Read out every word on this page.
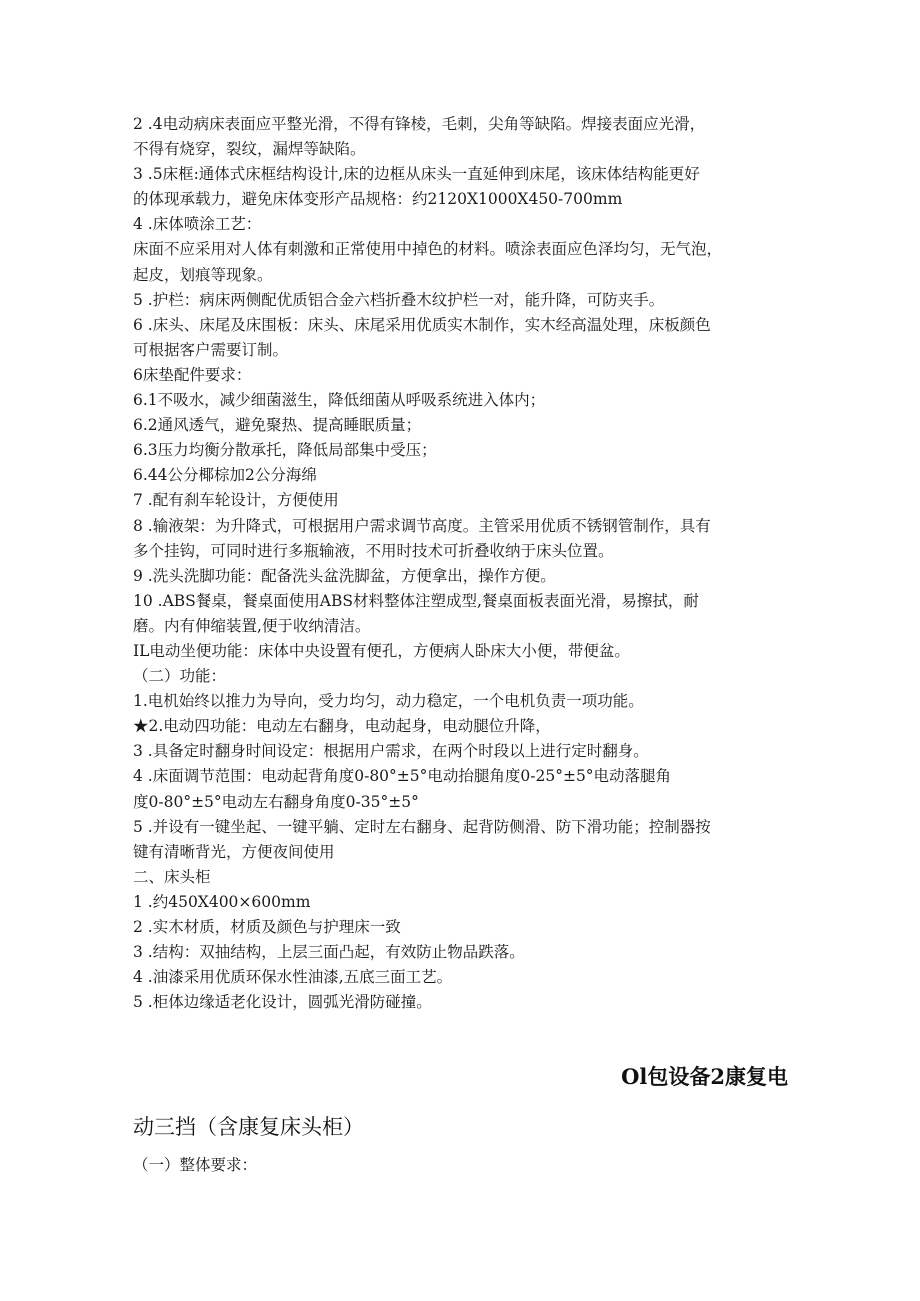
2 .4电动病床表面应平整光滑，不得有锋棱，毛刺，尖角等缺陷。焊接表面应光滑，
不得有烧穿，裂纹，漏焊等缺陷。
3 .5床框:通体式床框结构设计,床的边框从床头一直延伸到床尾，该床体结构能更好
的体现承载力，避免床体变形产品规格：约2120X1000X450-700mm
4 .床体喷涂工艺：
床面不应采用对人体有刺激和正常使用中掉色的材料。喷涂表面应色泽均匀，无气泡，
起皮，划痕等现象。
5 .护栏：病床两侧配优质铝合金六档折叠木纹护栏一对，能升降，可防夹手。
6 .床头、床尾及床围板：床头、床尾采用优质实木制作，实木经高温处理，床板颜色
可根据客户需要订制。
6床垫配件要求：
6.1不吸水，减少细菌滋生，降低细菌从呼吸系统进入体内；
6.2通风透气，避免聚热、提高睡眠质量；
6.3压力均衡分散承托，降低局部集中受压；
6.44公分椰棕加2公分海绵
7 .配有刹车轮设计，方便使用
8 .输液架：为升降式，可根据用户需求调节高度。主管采用优质不锈钢管制作，具有
多个挂钩，可同时进行多瓶输液，不用时技术可折叠收纳于床头位置。
9 .洗头洗脚功能：配备洗头盆洗脚盆，方便拿出，操作方便。
10 .ABS餐桌，餐桌面使用ABS材料整体注塑成型,餐桌面板表面光滑，易擦拭，耐
磨。内有伸缩装置,便于收纳清洁。
IL电动坐便功能：床体中央设置有便孔，方便病人卧床大小便，带便盆。
（二）功能：
1.电机始终以推力为导向，受力均匀，动力稳定，一个电机负责一项功能。
★2.电动四功能：电动左右翻身，电动起身，电动腿位升降，
3 .具备定时翻身时间设定：根据用户需求，在两个时段以上进行定时翻身。
4 .床面调节范围：电动起背角度0-80°±5°电动抬腿角度0-25°±5°电动落腿角
度0-80°±5°电动左右翻身角度0-35°±5°
5 .并设有一键坐起、一键平躺、定时左右翻身、起背防侧滑、防下滑功能；控制器按
键有清晰背光，方便夜间使用
二、床头柜
1 .约450X400×600mm
2 .实木材质，材质及颜色与护理床一致
3 .结构：双抽结构，上层三面凸起，有效防止物品跌落。
4 .油漆采用优质环保水性油漆,五底三面工艺。
5 .柜体边缘适老化设计，圆弧光滑防碰撞。
Ol包设备2康复电
动三挡（含康复床头柜）
（一）整体要求：
